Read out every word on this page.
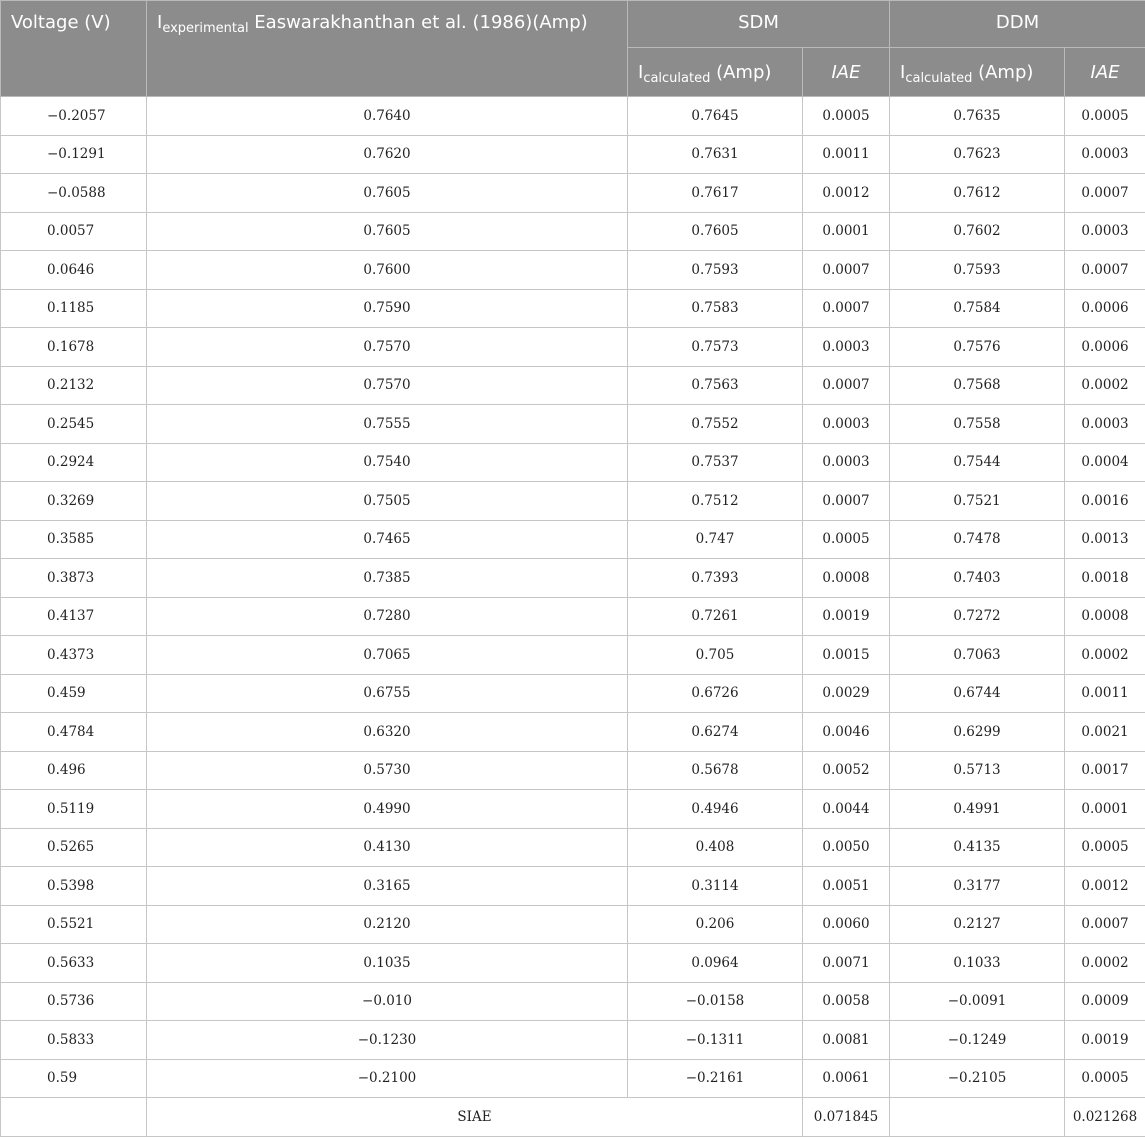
Voltage (V)	$I_{experimental}$ Easwarakhanthan et al. (1986)(Amp)	SDM		DDM	
		$I_{calculated}$ (Amp)	IAE	$I_{calculated}$ (Amp)	IAE
−0.2057	0.7640	0.7645	0.0005	0.7635	0.0005
−0.1291	0.7620	0.7631	0.0011	0.7623	0.0003
−0.0588	0.7605	0.7617	0.0012	0.7612	0.0007
0.0057	0.7605	0.7605	0.0001	0.7602	0.0003
0.0646	0.7600	0.7593	0.0007	0.7593	0.0007
0.1185	0.7590	0.7583	0.0007	0.7584	0.0006
0.1678	0.7570	0.7573	0.0003	0.7576	0.0006
0.2132	0.7570	0.7563	0.0007	0.7568	0.0002
0.2545	0.7555	0.7552	0.0003	0.7558	0.0003
0.2924	0.7540	0.7537	0.0003	0.7544	0.0004
0.3269	0.7505	0.7512	0.0007	0.7521	0.0016
0.3585	0.7465	0.747	0.0005	0.7478	0.0013
0.3873	0.7385	0.7393	0.0008	0.7403	0.0018
0.4137	0.7280	0.7261	0.0019	0.7272	0.0008
0.4373	0.7065	0.705	0.0015	0.7063	0.0002
0.459	0.6755	0.6726	0.0029	0.6744	0.0011
0.4784	0.6320	0.6274	0.0046	0.6299	0.0021
0.496	0.5730	0.5678	0.0052	0.5713	0.0017
0.5119	0.4990	0.4946	0.0044	0.4991	0.0001
0.5265	0.4130	0.408	0.0050	0.4135	0.0005
0.5398	0.3165	0.3114	0.0051	0.3177	0.0012
0.5521	0.2120	0.206	0.0060	0.2127	0.0007
0.5633	0.1035	0.0964	0.0071	0.1033	0.0002
0.5736	−0.010	−0.0158	0.0058	−0.0091	0.0009
0.5833	−0.1230	−0.1311	0.0081	−0.1249	0.0019
0.59	−0.2100	−0.2161	0.0061	−0.2105	0.0005
	SIAE		0.071845		0.021268
